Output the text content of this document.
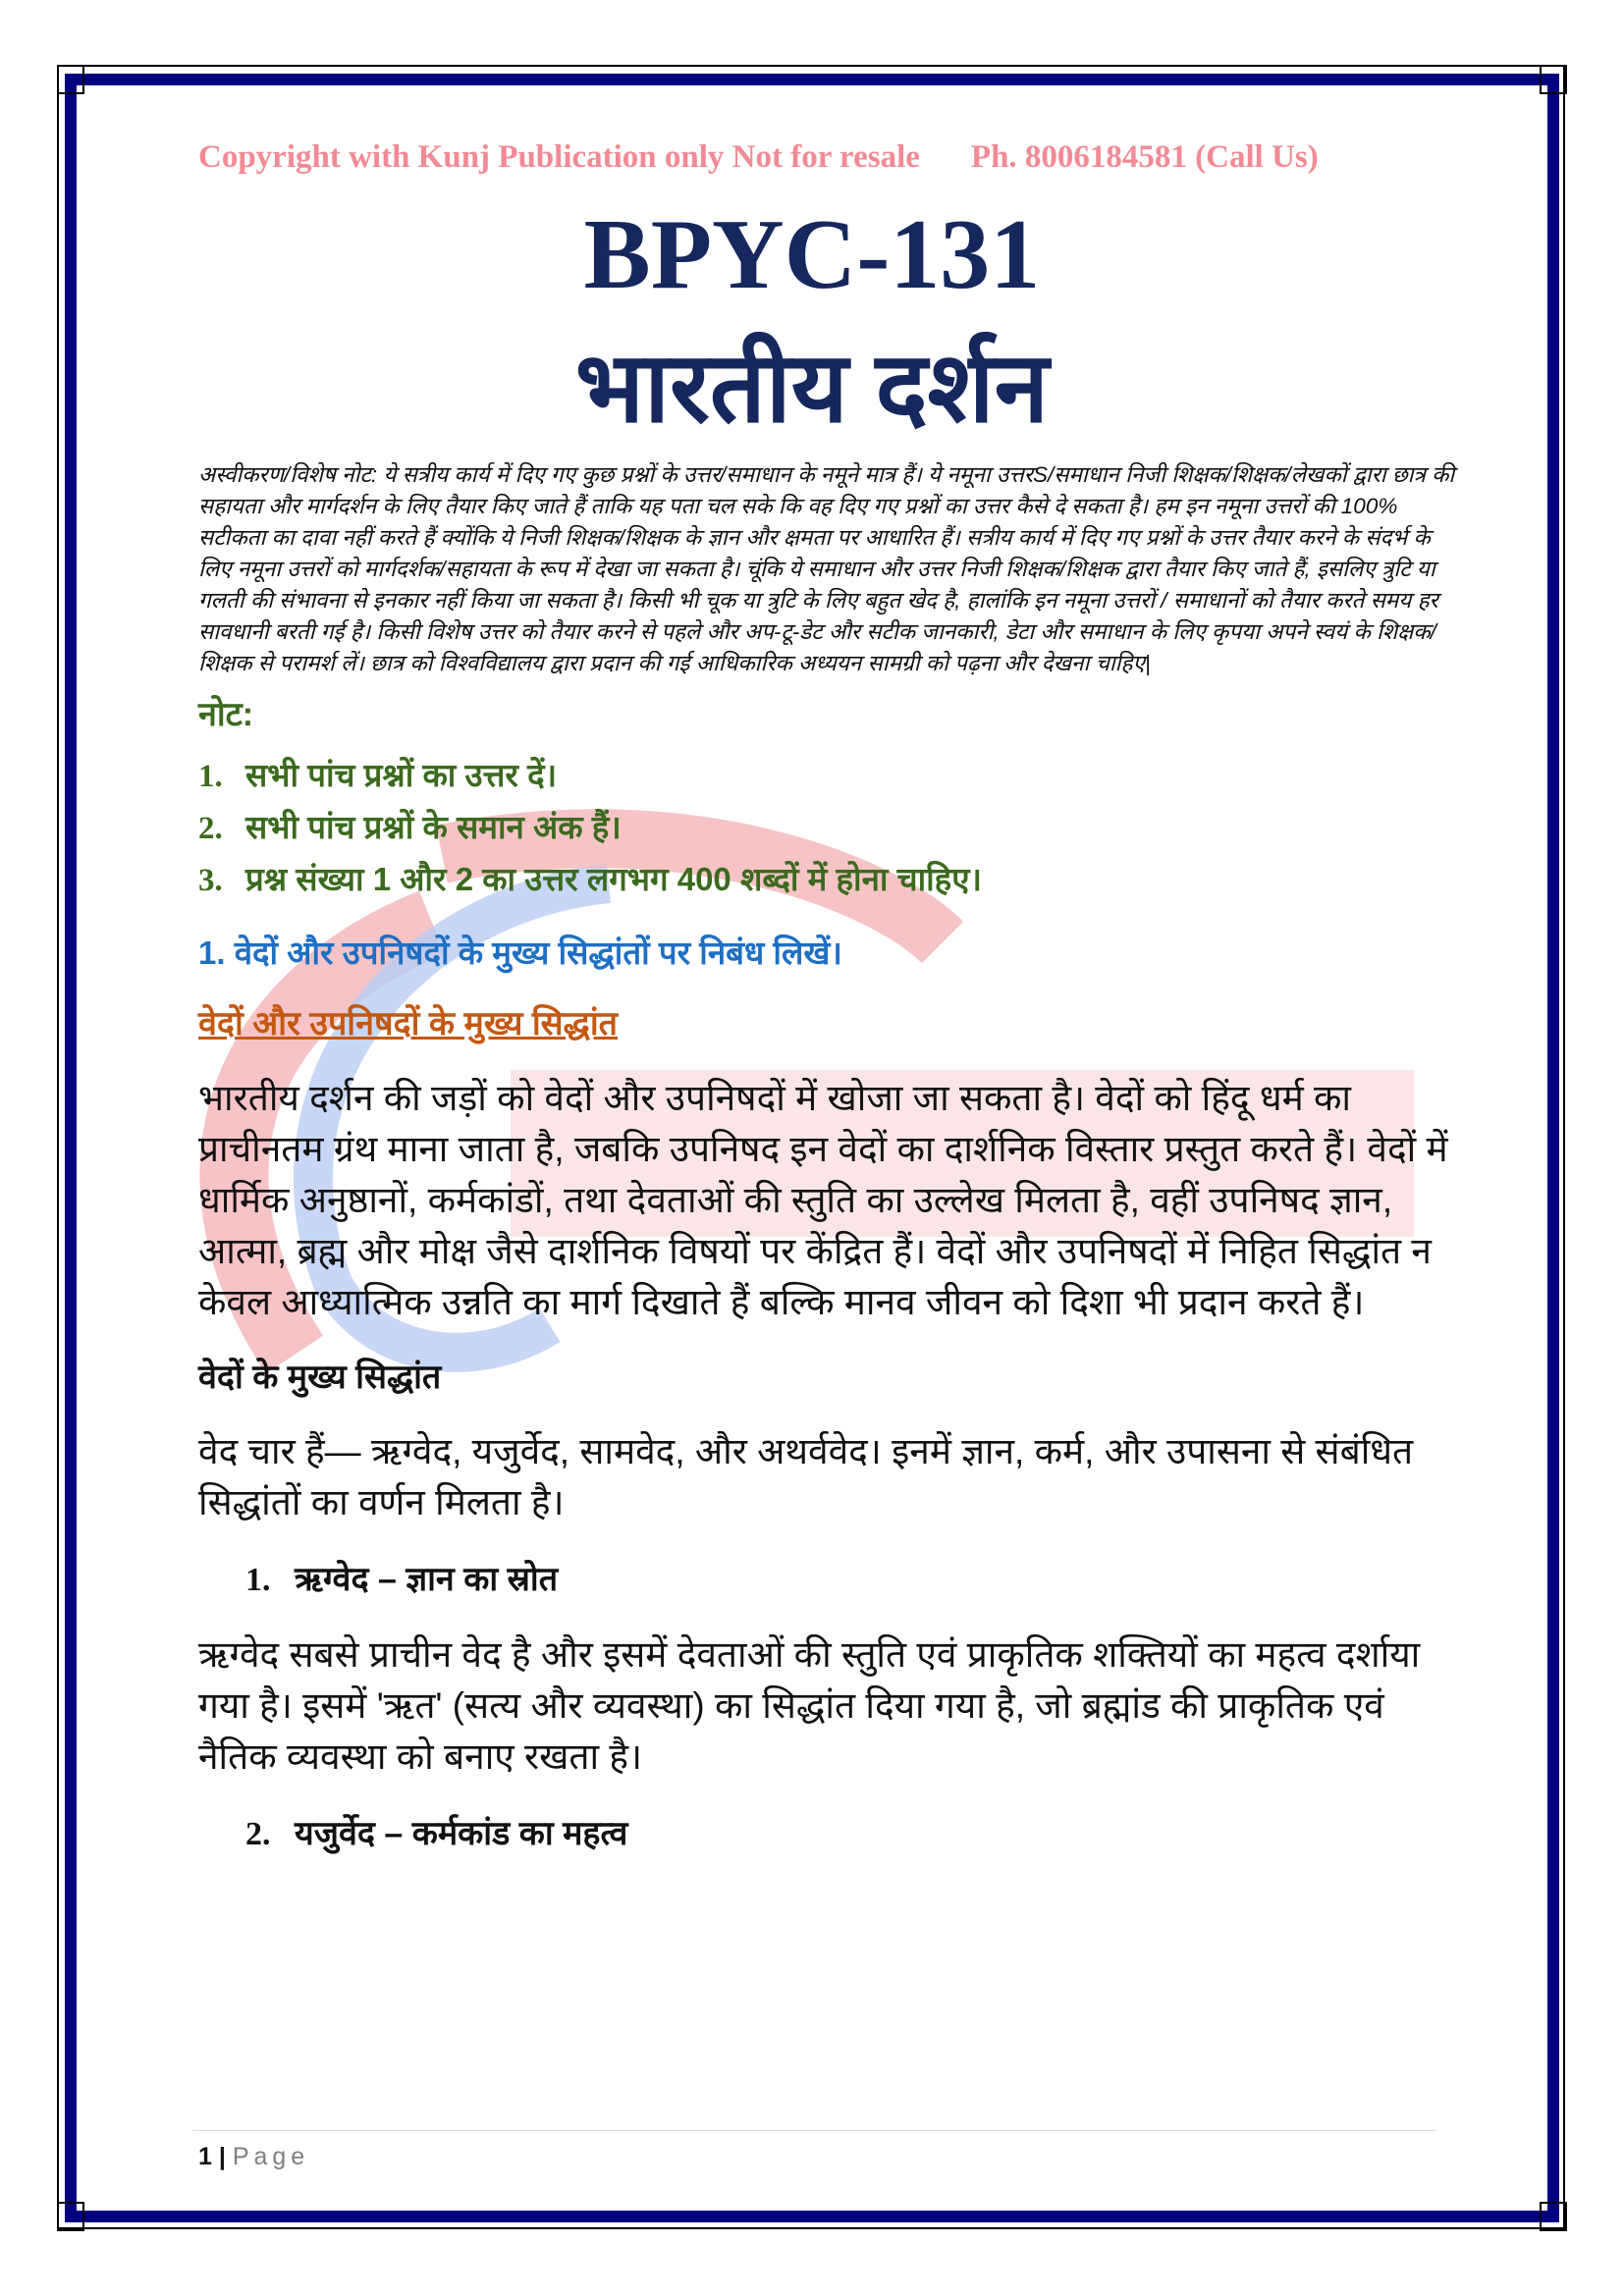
Copyright with Kunj Publication only Not for resale Ph. 8006184581 (Call Us)
BPYC-131
भारतीय दर्शन
अस्वीकरण/विशेष नोट: ये सत्रीय कार्य में दिए गए कुछ प्रश्नों के उत्तर/समाधान के नमूने मात्र हैं। ये नमूना उत्तरS/समाधान निजी शिक्षक/शिक्षक/लेखकों द्वारा छात्र की सहायता और मार्गदर्शन के लिए तैयार किए जाते हैं ताकि यह पता चल सके कि वह दिए गए प्रश्नों का उत्तर कैसे दे सकता है। हम इन नमूना उत्तरों की 100% सटीकता का दावा नहीं करते हैं क्योंकि ये निजी शिक्षक/शिक्षक के ज्ञान और क्षमता पर आधारित हैं। सत्रीय कार्य में दिए गए प्रश्नों के उत्तर तैयार करने के संदर्भ के लिए नमूना उत्तरों को मार्गदर्शक/सहायता के रूप में देखा जा सकता है। चूंकि ये समाधान और उत्तर निजी शिक्षक/शिक्षक द्वारा तैयार किए जाते हैं, इसलिए त्रुटि या गलती की संभावना से इनकार नहीं किया जा सकता है। किसी भी चूक या त्रुटि के लिए बहुत खेद है, हालांकि इन नमूना उत्तरों / समाधानों को तैयार करते समय हर सावधानी बरती गई है। किसी विशेष उत्तर को तैयार करने से पहले और अप-टू-डेट और सटीक जानकारी, डेटा और समाधान के लिए कृपया अपने स्वयं के शिक्षक/शिक्षक से परामर्श लें। छात्र को विश्वविद्यालय द्वारा प्रदान की गई आधिकारिक अध्ययन सामग्री को पढ़ना और देखना चाहिए|
नोट:
1. सभी पांच प्रश्नों का उत्तर दें।
2. सभी पांच प्रश्नों के समान अंक हैं।
3. प्रश्न संख्या 1 और 2 का उत्तर लगभग 400 शब्दों में होना चाहिए।
1. वेदों और उपनिषदों के मुख्य सिद्धांतों पर निबंध लिखें।
वेदों और उपनिषदों के मुख्य सिद्धांत
भारतीय दर्शन की जड़ों को वेदों और उपनिषदों में खोजा जा सकता है। वेदों को हिंदू धर्म का प्राचीनतम ग्रंथ माना जाता है, जबकि उपनिषद इन वेदों का दार्शनिक विस्तार प्रस्तुत करते हैं। वेदों में धार्मिक अनुष्ठानों, कर्मकांडों, तथा देवताओं की स्तुति का उल्लेख मिलता है, वहीं उपनिषद ज्ञान, आत्मा, ब्रह्म और मोक्ष जैसे दार्शनिक विषयों पर केंद्रित हैं। वेदों और उपनिषदों में निहित सिद्धांत न केवल आध्यात्मिक उन्नति का मार्ग दिखाते हैं बल्कि मानव जीवन को दिशा भी प्रदान करते हैं।
वेदों के मुख्य सिद्धांत
वेद चार हैं— ऋग्वेद, यजुर्वेद, सामवेद, और अथर्ववेद। इनमें ज्ञान, कर्म, और उपासना से संबंधित सिद्धांतों का वर्णन मिलता है।
1. ऋग्वेद – ज्ञान का स्रोत
ऋग्वेद सबसे प्राचीन वेद है और इसमें देवताओं की स्तुति एवं प्राकृतिक शक्तियों का महत्व दर्शाया गया है। इसमें 'ऋत' (सत्य और व्यवस्था) का सिद्धांत दिया गया है, जो ब्रह्मांड की प्राकृतिक एवं नैतिक व्यवस्था को बनाए रखता है।
2. यजुर्वेद – कर्मकांड का महत्व
1 | Page
